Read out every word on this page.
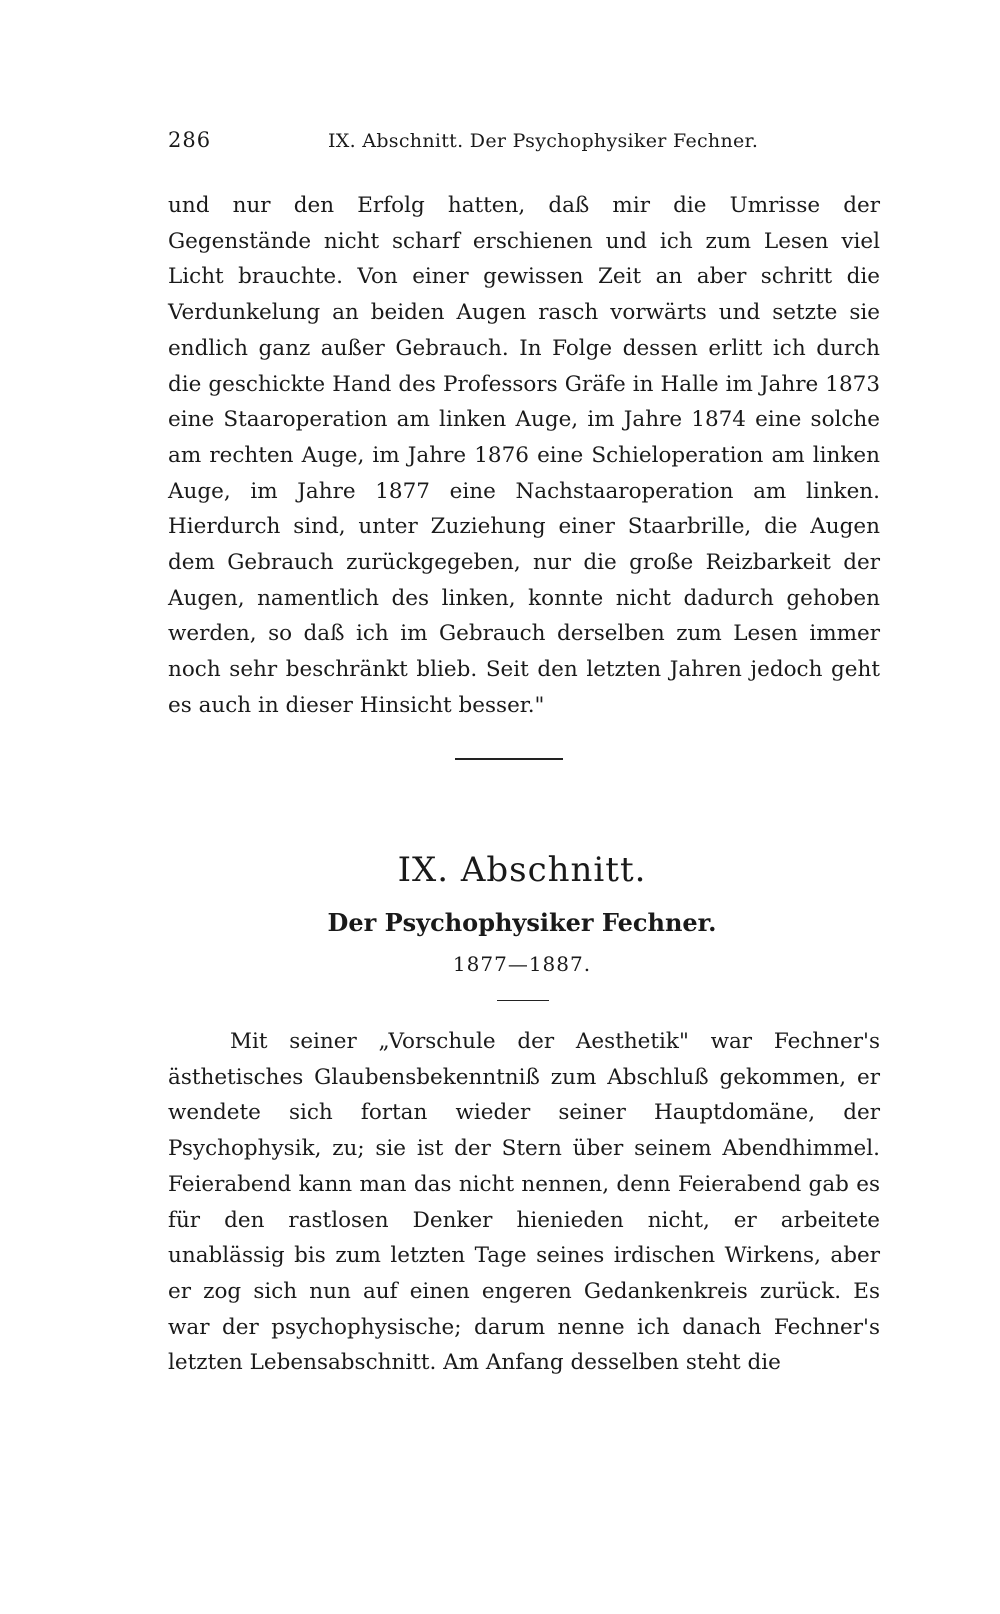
286	IX. Abschnitt. Der Psychophysiker Fechner.
und nur den Erfolg hatten, daß mir die Umrisse der Gegenstände nicht scharf erschienen und ich zum Lesen viel Licht brauchte. Von einer gewissen Zeit an aber schritt die Verdunkelung an beiden Augen rasch vorwärts und setzte sie endlich ganz außer Gebrauch. In Folge dessen erlitt ich durch die geschickte Hand des Professors Gräfe in Halle im Jahre 1873 eine Staaroperation am linken Auge, im Jahre 1874 eine solche am rechten Auge, im Jahre 1876 eine Schieloperation am linken Auge, im Jahre 1877 eine Nachstaaroperation am linken. Hierdurch sind, unter Zuziehung einer Staarbrille, die Augen dem Gebrauch zurückgegeben, nur die große Reizbarkeit der Augen, namentlich des linken, konnte nicht dadurch gehoben werden, so daß ich im Gebrauch derselben zum Lesen immer noch sehr beschränkt blieb. Seit den letzten Jahren jedoch geht es auch in dieser Hinsicht besser."
IX. Abschnitt.
Der Psychophysiker Fechner.
1877—1887.
Mit seiner „Vorschule der Aesthetik" war Fechner's ästhetisches Glaubensbekenntniß zum Abschluß gekommen, er wendete sich fortan wieder seiner Hauptdomäne, der Psychophysik, zu; sie ist der Stern über seinem Abendhimmel. Feierabend kann man das nicht nennen, denn Feierabend gab es für den rastlosen Denker hienieden nicht, er arbeitete unablässig bis zum letzten Tage seines irdischen Wirkens, aber er zog sich nun auf einen engeren Gedankenkreis zurück. Es war der psychophysische; darum nenne ich danach Fechner's letzten Lebensabschnitt. Am Anfang desselben steht die
